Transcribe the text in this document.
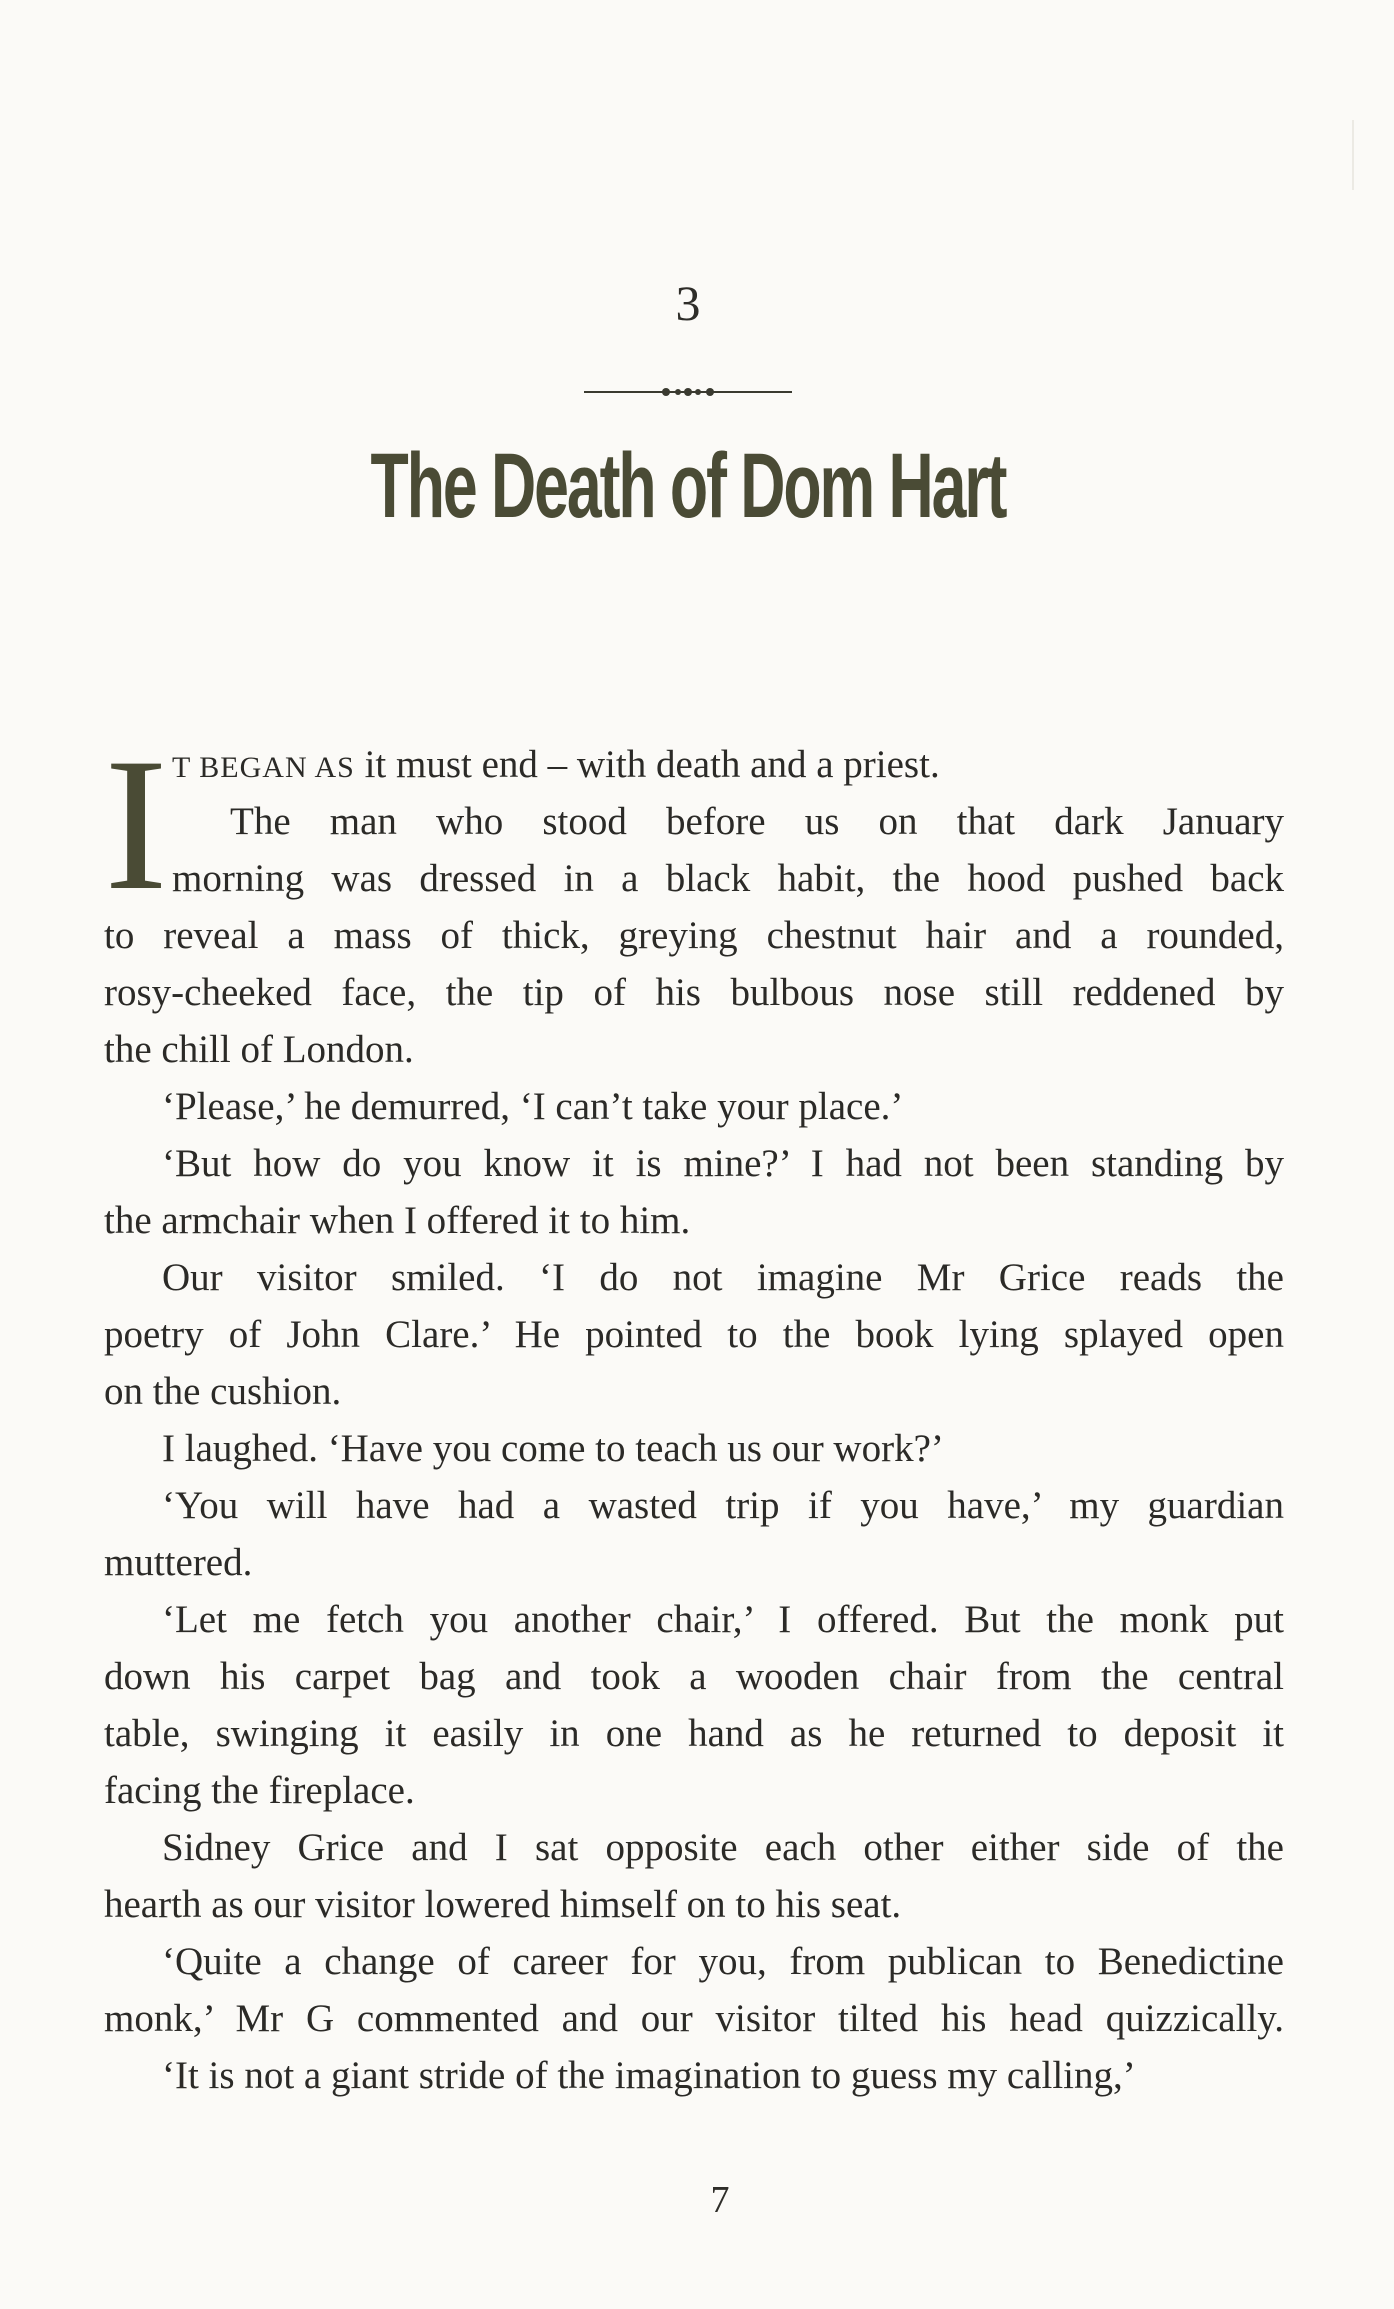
3
The Death of Dom Hart
I T BEGAN AS it must end – with death and a priest.
The man who stood before us on that dark January
morning was dressed in a black habit, the hood pushed back
to reveal a mass of thick, greying chestnut hair and a rounded,
rosy-cheeked face, the tip of his bulbous nose still reddened by
the chill of London.
‘Please,’ he demurred, ‘I can’t take your place.’
‘But how do you know it is mine?’ I had not been standing by
the armchair when I offered it to him.
Our visitor smiled. ‘I do not imagine Mr Grice reads the
poetry of John Clare.’ He pointed to the book lying splayed open
on the cushion.
I laughed. ‘Have you come to teach us our work?’
‘You will have had a wasted trip if you have,’ my guardian
muttered.
‘Let me fetch you another chair,’ I offered. But the monk put
down his carpet bag and took a wooden chair from the central
table, swinging it easily in one hand as he returned to deposit it
facing the fireplace.
Sidney Grice and I sat opposite each other either side of the
hearth as our visitor lowered himself on to his seat.
‘Quite a change of career for you, from publican to Benedictine
monk,’ Mr G commented and our visitor tilted his head quizzically.
‘It is not a giant stride of the imagination to guess my calling,’
7
